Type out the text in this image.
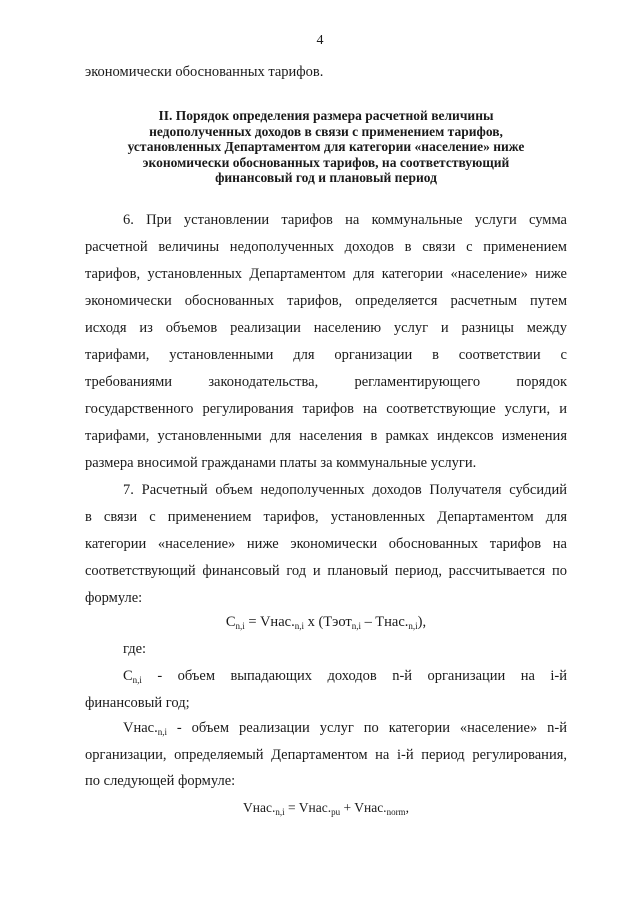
4
экономически обоснованных тарифов.
II. Порядок определения размера расчетной величины
недополученных доходов в связи с применением тарифов,
установленных Департаментом для категории «население» ниже
экономически обоснованных тарифов, на соответствующий
финансовый год и плановый период
6. При установлении тарифов на коммунальные услуги сумма
расчетной величины недополученных доходов в связи с применением
тарифов, установленных Департаментом для категории «население» ниже
экономически обоснованных тарифов, определяется расчетным путем
исходя из объемов реализации населению услуг и разницы между
тарифами, установленными для организации в соответствии с
требованиями законодательства, регламентирующего порядок
государственного регулирования тарифов на соответствующие услуги, и
тарифами, установленными для населения в рамках индексов изменения
размера вносимой гражданами платы за коммунальные услуги.
7. Расчетный объем недополученных доходов Получателя субсидий
в связи с применением тарифов, установленных Департаментом для
категории «население» ниже экономически обоснованных тарифов на
соответствующий финансовый год и плановый период, рассчитывается по
формуле:
$C_{n,i}$ = $Vнас._{n,i}$ x (Tэот$_{n,i}$ – $Tнас._{n,i}$),
где:
$C_{n,i}$ - объем выпадающих доходов n-й организации на i-й
финансовый год;
$Vнас._{n,i}$ - объем реализации услуг по категории «население» n-й
организации, определяемый Департаментом на i-й период регулирования,
по следующей формуле:
$Vнас._{n,i}$ = $Vнас._{pu}$ + $Vнас._{norm}$,
